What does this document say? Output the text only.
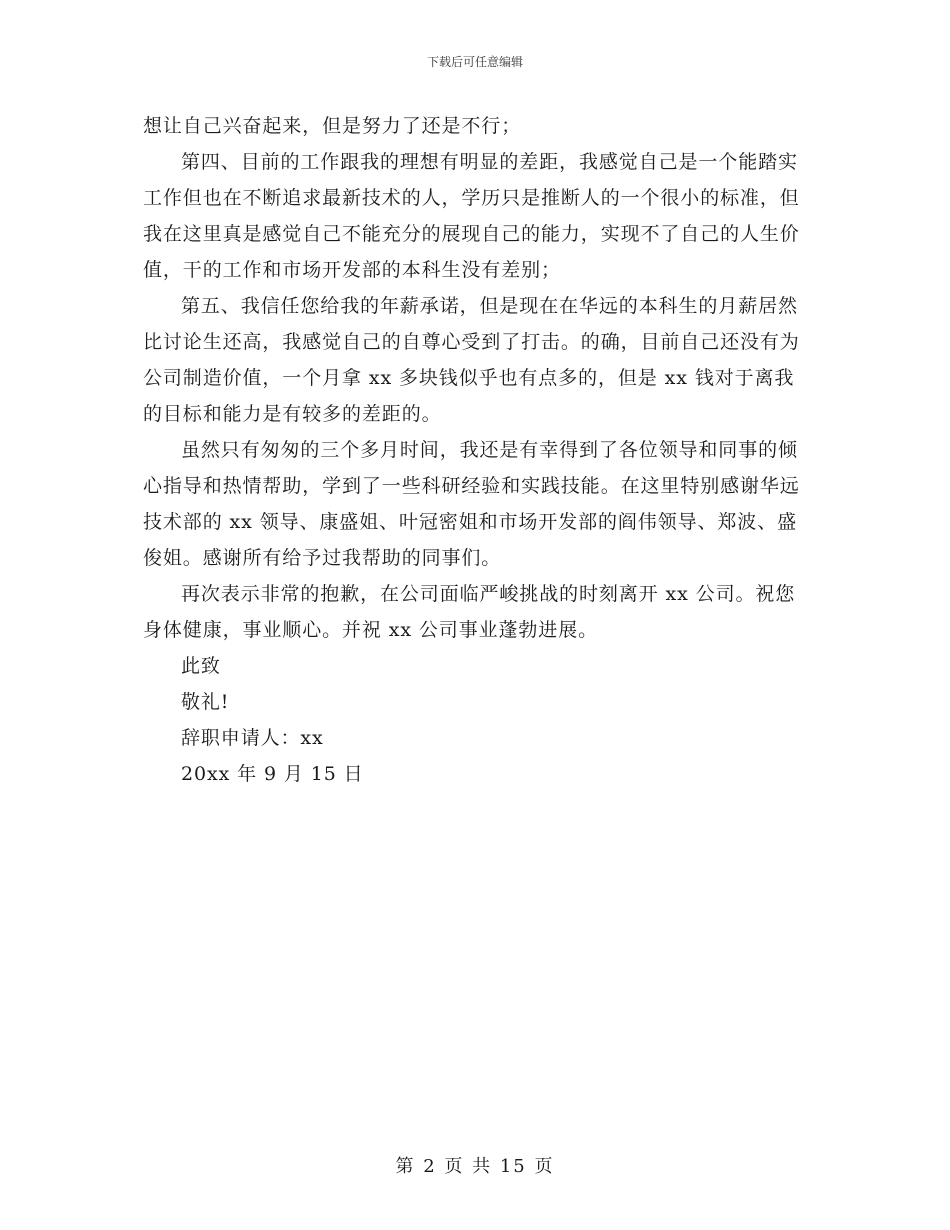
下载后可任意编辑

想让自己兴奋起来，但是努力了还是不行；

第四、目前的工作跟我的理想有明显的差距，我感觉自己是一个能踏实工作但也在不断追求最新技术的人，学历只是推断人的一个很小的标准，但我在这里真是感觉自己不能充分的展现自己的能力，实现不了自己的人生价值，干的工作和市场开发部的本科生没有差别；

第五、我信任您给我的年薪承诺，但是现在在华远的本科生的月薪居然比讨论生还高，我感觉自己的自尊心受到了打击。的确，目前自己还没有为公司制造价值，一个月拿 xx 多块钱似乎也有点多的，但是 xx 钱对于离我的目标和能力是有较多的差距的。

虽然只有匆匆的三个多月时间，我还是有幸得到了各位领导和同事的倾心指导和热情帮助，学到了一些科研经验和实践技能。在这里特别感谢华远技术部的 xx 领导、康盛姐、叶冠密姐和市场开发部的阎伟领导、郑波、盛俊姐。感谢所有给予过我帮助的同事们。

再次表示非常的抱歉，在公司面临严峻挑战的时刻离开 xx 公司。祝您身体健康，事业顺心。并祝 xx 公司事业蓬勃进展。

此致

敬礼!

辞职申请人：xx

20xx 年 9 月 15 日

第 2 页 共 15 页
